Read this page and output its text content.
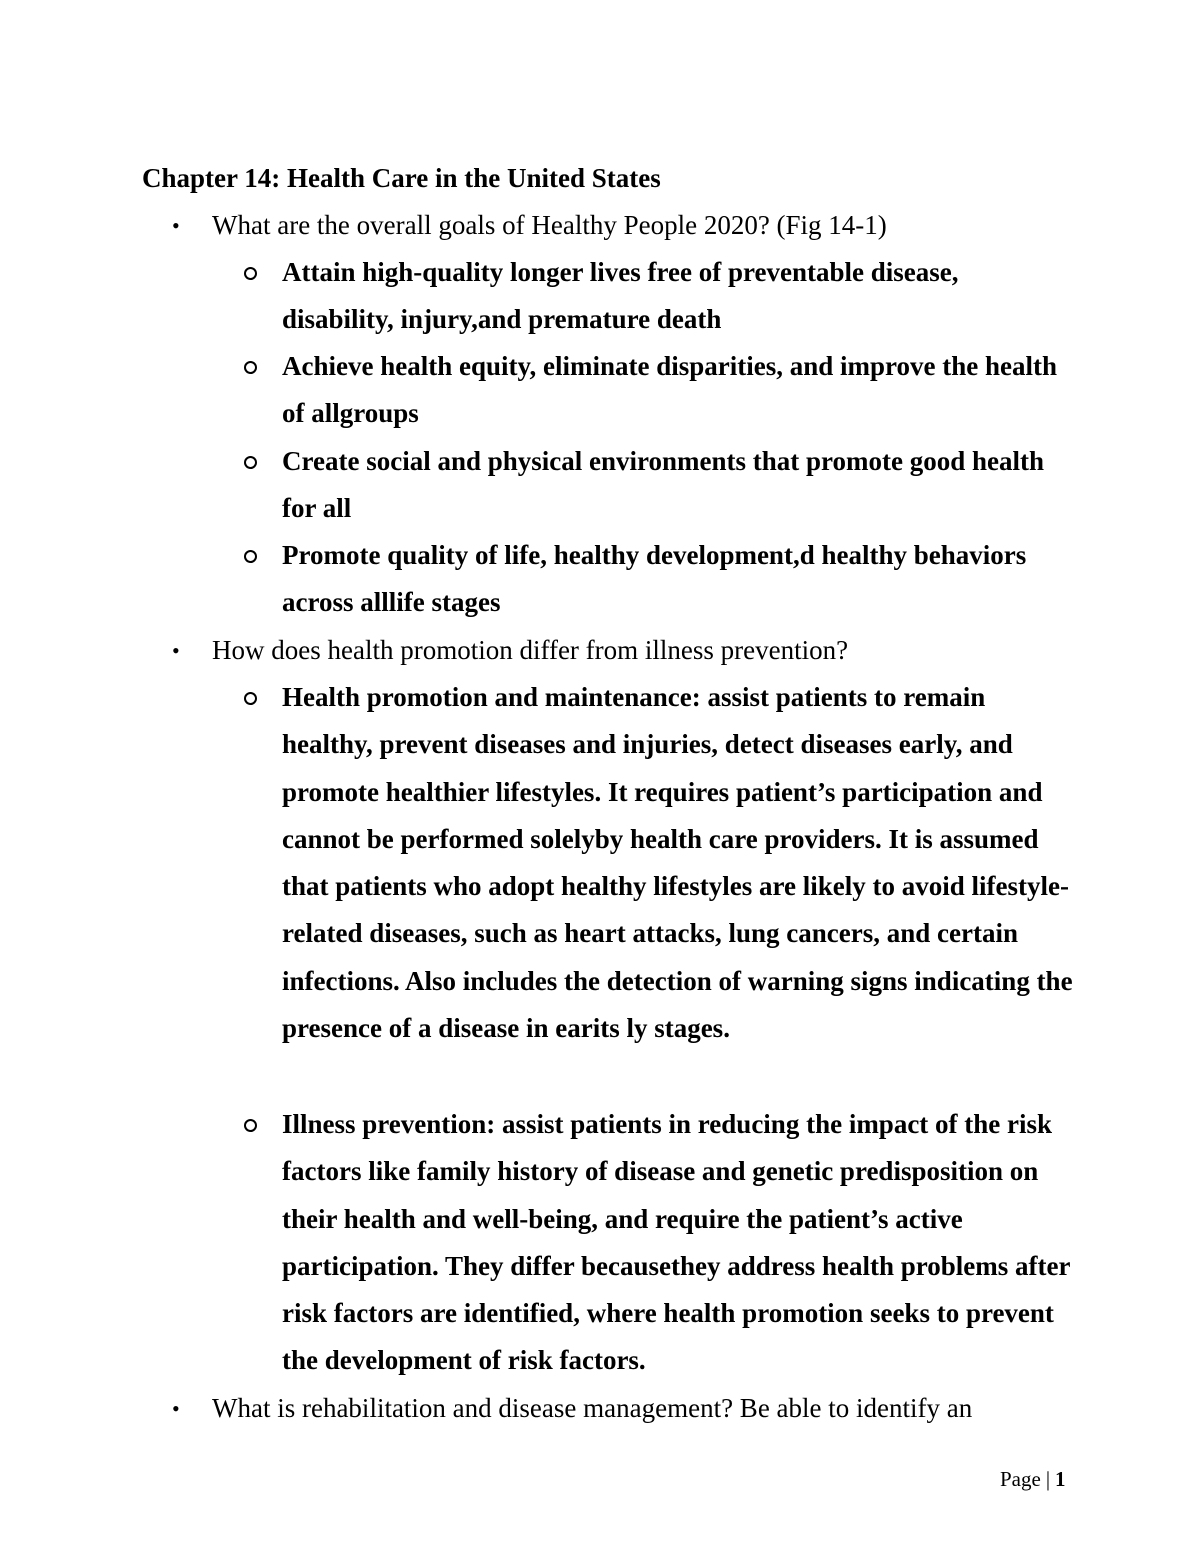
Chapter 14: Health Care in the United States
•	What are the overall goals of Healthy People 2020? (Fig 14-1)
Attain high-quality longer lives free of preventable disease, disability, injury,and premature death
Achieve health equity, eliminate disparities, and improve the health of allgroups
Create social and physical environments that promote good health for all
Promote quality of life, healthy development,d healthy behaviors across alllife stages
•	How does health promotion differ from illness prevention?
Health promotion and maintenance: assist patients to remain healthy, prevent diseases and injuries, detect diseases early, and promote healthier lifestyles. It requires patient’s participation and cannot be performed solelyby health care providers. It is assumed that patients who adopt healthy lifestyles are likely to avoid lifestyle-related diseases, such as heart attacks, lung cancers, and certain infections. Also includes the detection of warning signs indicating the presence of a disease in earits ly stages.
Illness prevention: assist patients in reducing the impact of the risk factors like family history of disease and genetic predisposition on their health and well-being, and require the patient’s active participation. They differ becausethey address health problems after risk factors are identified, where health promotion seeks to prevent the development of risk factors.
•	What is rehabilitation and disease management? Be able to identify an
Page | 1
